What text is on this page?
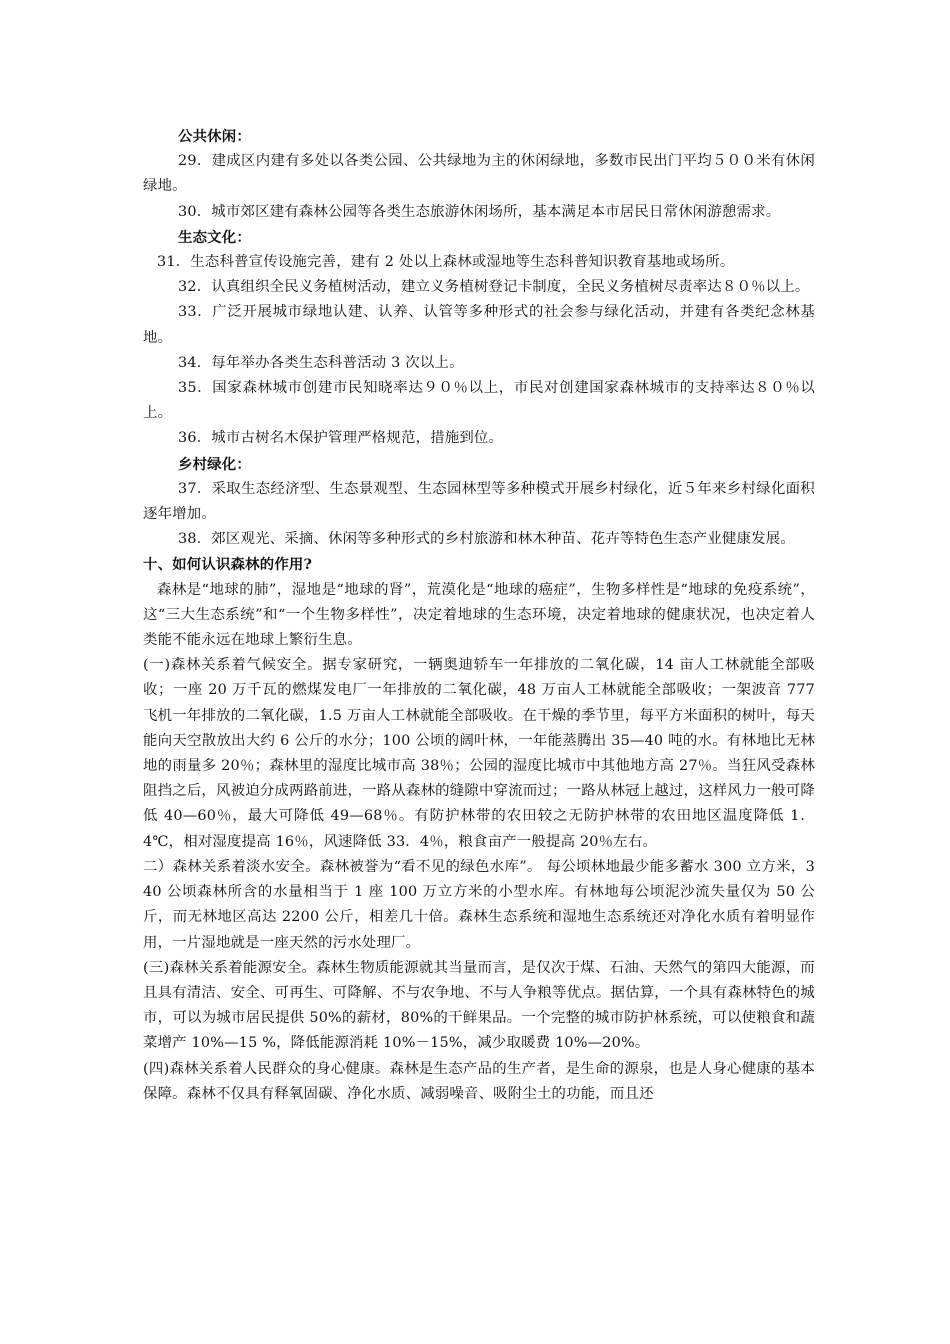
公共休闲：

29．建成区内建有多处以各类公园、公共绿地为主的休闲绿地，多数市民出门平均５００米有休闲绿地。

30．城市郊区建有森林公园等各类生态旅游休闲场所，基本满足本市居民日常休闲游憩需求。

生态文化：

31．生态科普宣传设施完善，建有 2 处以上森林或湿地等生态科普知识教育基地或场所。

32．认真组织全民义务植树活动，建立义务植树登记卡制度，全民义务植树尽责率达８０％以上。

33．广泛开展城市绿地认建、认养、认管等多种形式的社会参与绿化活动，并建有各类纪念林基地。

34．每年举办各类生态科普活动 3 次以上。

35．国家森林城市创建市民知晓率达９０％以上，市民对创建国家森林城市的支持率达８０％以上。

36．城市古树名木保护管理严格规范，措施到位。

乡村绿化：

37．采取生态经济型、生态景观型、生态园林型等多种模式开展乡村绿化，近５年来乡村绿化面积逐年增加。

38．郊区观光、采摘、休闲等多种形式的乡村旅游和林木种苗、花卉等特色生态产业健康发展。

十、如何认识森林的作用?

森林是“地球的肺”，湿地是“地球的肾”，荒漠化是“地球的癌症”，生物多样性是“地球的免疫系统”，这“三大生态系统”和“一个生物多样性”，决定着地球的生态环境，决定着地球的健康状况，也决定着人类能不能永远在地球上繁衍生息。

(一)森林关系着气候安全。据专家研究，一辆奥迪轿车一年排放的二氧化碳，14 亩人工林就能全部吸收；一座 20 万千瓦的燃煤发电厂一年排放的二氧化碳，48 万亩人工林就能全部吸收；一架波音 777 飞机一年排放的二氧化碳，1.5 万亩人工林就能全部吸收。在干燥的季节里，每平方米面积的树叶，每天能向天空散放出大约 6 公斤的水分；100 公顷的阔叶林，一年能蒸腾出 35—40 吨的水。有林地比无林地的雨量多 20％；森林里的湿度比城市高 38％；公园的湿度比城市中其他地方高 27％。当狂风受森林阻挡之后，风被迫分成两路前进，一路从森林的缝隙中穿流而过；一路从林冠上越过，这样风力一般可降低 40—60％，最大可降低 49—68％。有防护林带的农田较之无防护林带的农田地区温度降低 1．4℃，相对湿度提高 16％，风速降低 33．4％，粮食亩产一般提高 20％左右。

二）森林关系着淡水安全。森林被誉为“看不见的绿色水库”。 每公顷林地最少能多蓄水 300 立方米，340 公顷森林所含的水量相当于 1 座 100 万立方米的小型水库。有林地每公顷泥沙流失量仅为 50 公斤，而无林地区高达 2200 公斤，相差几十倍。森林生态系统和湿地生态系统还对净化水质有着明显作用，一片湿地就是一座天然的污水处理厂。

(三)森林关系着能源安全。森林生物质能源就其当量而言，是仅次于煤、石油、天然气的第四大能源，而且具有清洁、安全、可再生、可降解、不与农争地、不与人争粮等优点。据估算，一个具有森林特色的城市，可以为城市居民提供 50%的薪材，80%的干鲜果品。一个完整的城市防护林系统，可以使粮食和蔬菜增产 10%—15 %，降低能源消耗 10%－15%，减少取暖费 10%—20%。

(四)森林关系着人民群众的身心健康。森林是生态产品的生产者，是生命的源泉，也是人身心健康的基本保障。森林不仅具有释氧固碳、净化水质、减弱噪音、吸附尘土的功能，而且还
